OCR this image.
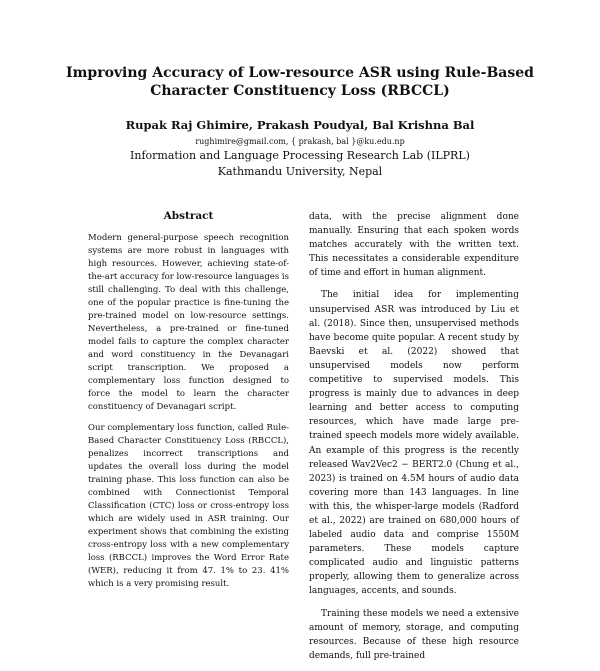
Improving Accuracy of Low-resource ASR using Rule-Based Character Constituency Loss (RBCCL)
Rupak Raj Ghimire, Prakash Poudyal, Bal Krishna Bal
rughimire@gmail.com, { prakash, bal }@ku.edu.np
Information and Language Processing Research Lab (ILPRL)
Kathmandu University, Nepal
Abstract

Modern general-purpose speech recognition systems are more robust in languages with high resources. However, achieving state-of-the-art accuracy for low-resource languages is still challenging. To deal with this challenge, one of the popular practice is fine-tuning the pre-trained model on low-resource settings. Nevertheless, a pre-trained or fine-tuned model fails to capture the complex character and word constituency in the Devanagari script transcription. We proposed a complementary loss function designed to force the model to learn the character constituency of Devanagari script.

Our complementary loss function, called Rule-Based Character Constituency Loss (RBCCL), penalizes incorrect transcriptions and updates the overall loss during the model training phase. This loss function can also be combined with Connectionist Temporal Classification (CTC) loss or cross-entropy loss which are widely used in ASR training. Our experiment shows that combining the existing cross-entropy loss with a new complementary loss (RBCCL) improves the Word Error Rate (WER), reducing it from 47. 1% to 23. 41% which is a very promising result.

data, with the precise alignment done manually. Ensuring that each spoken words matches accurately with the written text. This necessitates a considerable expenditure of time and effort in human alignment.

The initial idea for implementing unsupervised ASR was introduced by Liu et al. (2018). Since then, unsupervised methods have become quite popular. A recent study by Baevski et al. (2022) showed that unsupervised models now perform competitive to supervised models. This progress is mainly due to advances in deep learning and better access to computing resources, which have made large pre-trained speech models more widely available. An example of this progress is the recently released Wav2Vec2 − BERT2.0 (Chung et al., 2023) is trained on 4.5M hours of audio data covering more than 143 languages. In line with this, the whisper-large models (Radford et al., 2022) are trained on 680,000 hours of labeled audio data and comprise 1550M parameters. These models capture complicated audio and linguistic patterns properly, allowing them to generalize across languages, accents, and sounds.

Training these models we need a extensive amount of memory, storage, and computing resources. Because of these high resource demands, full pre-trained
